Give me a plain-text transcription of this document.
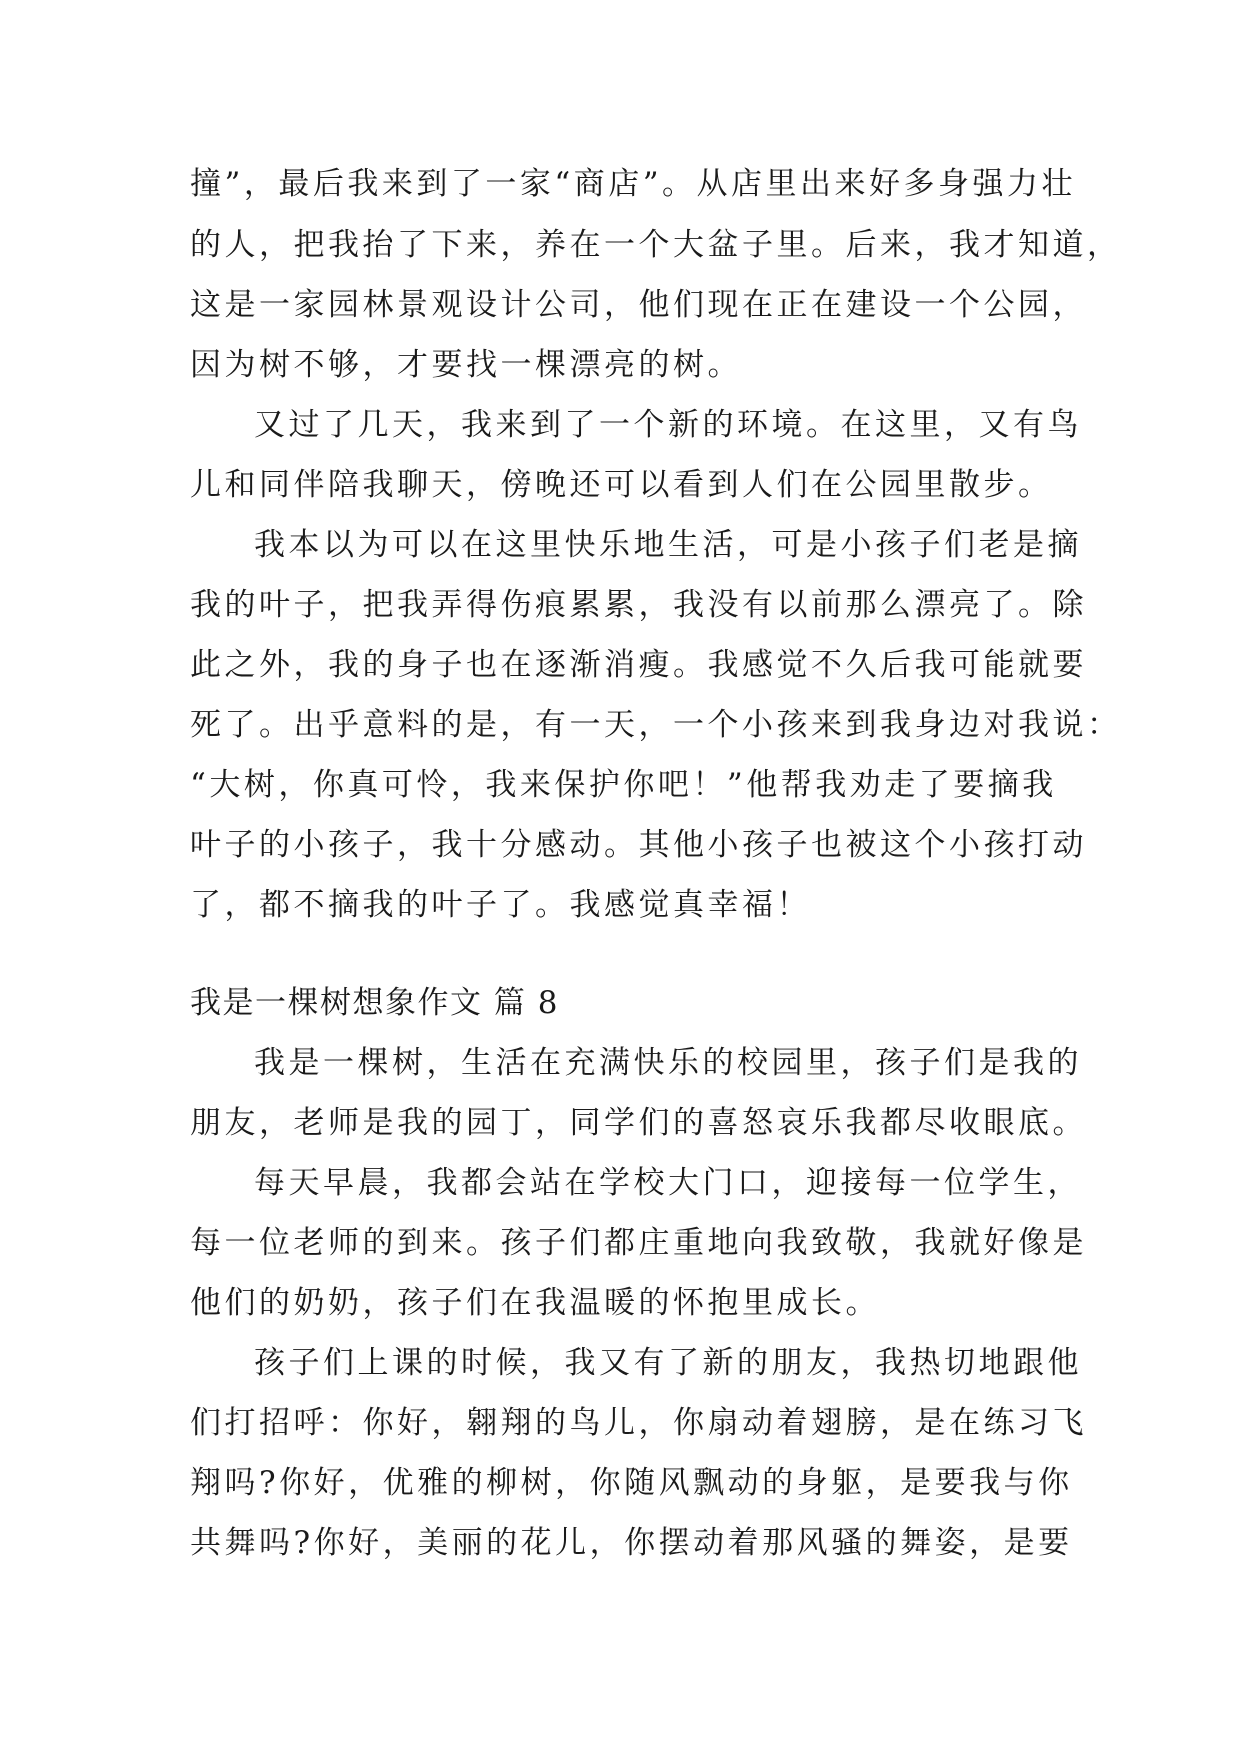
撞”，最后我来到了一家“商店”。从店里出来好多身强力壮
的人，把我抬了下来，养在一个大盆子里。后来，我才知道，
这是一家园林景观设计公司，他们现在正在建设一个公园，
因为树不够，才要找一棵漂亮的树。
又过了几天，我来到了一个新的环境。在这里，又有鸟
儿和同伴陪我聊天，傍晚还可以看到人们在公园里散步。
我本以为可以在这里快乐地生活，可是小孩子们老是摘
我的叶子，把我弄得伤痕累累，我没有以前那么漂亮了。除
此之外，我的身子也在逐渐消瘦。我感觉不久后我可能就要
死了。出乎意料的是，有一天，一个小孩来到我身边对我说：
“大树，你真可怜，我来保护你吧！”他帮我劝走了要摘我
叶子的小孩子，我十分感动。其他小孩子也被这个小孩打动
了，都不摘我的叶子了。我感觉真幸福！
我是一棵树想象作文 篇 8
我是一棵树，生活在充满快乐的校园里，孩子们是我的
朋友，老师是我的园丁，同学们的喜怒哀乐我都尽收眼底。
每天早晨，我都会站在学校大门口，迎接每一位学生，
每一位老师的到来。孩子们都庄重地向我致敬，我就好像是
他们的奶奶，孩子们在我温暖的怀抱里成长。
孩子们上课的时候，我又有了新的朋友，我热切地跟他
们打招呼：你好，翱翔的鸟儿，你扇动着翅膀，是在练习飞
翔吗?你好，优雅的柳树，你随风飘动的身躯，是要我与你
共舞吗?你好，美丽的花儿，你摆动着那风骚的舞姿，是要
